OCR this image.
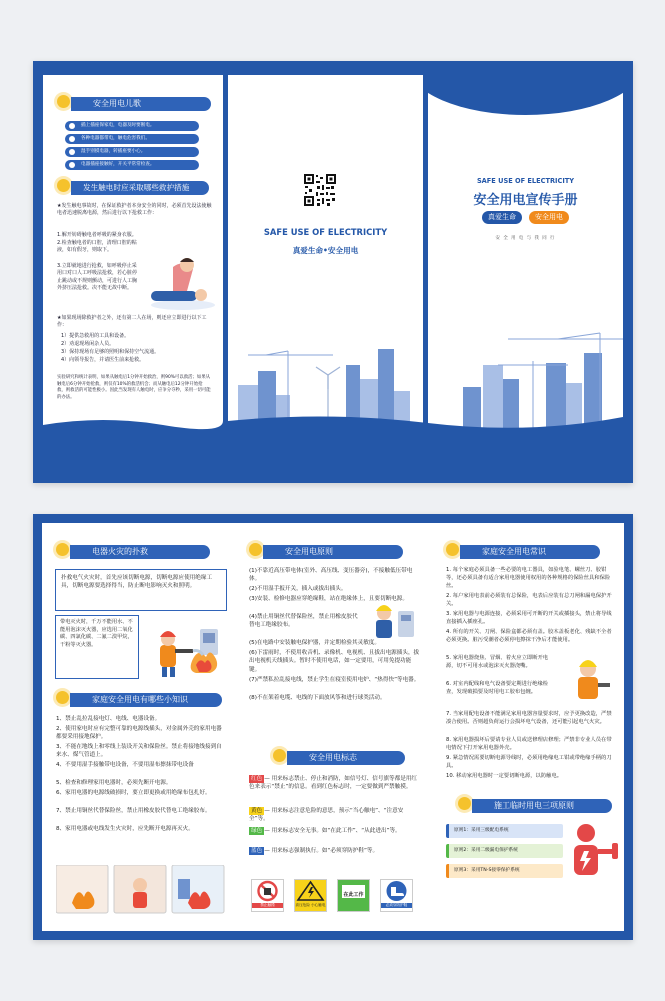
安全用电儿歌
插上插座保家电，电器及时要断电。
各种电器都带电，触电危害我们。
湿手别摸电器，转插座要小心。
电器插座接触好，开关平常常检查。
发生触电时应采取哪些救护措施
★发生触电事故时，在保证救护者本身安全的同时，必须首先设法使触电者迅速脱离电源，然后进行以下抢救工作：
1.解开妨碍触电者呼吸的紧身衣服。
2.检查触电者的口腔，清理口腔的粘液，如有假牙，则取下。
3.立即就地进行抢救，如呼吸停止采用口对口人工呼吸法抢救，若心脏停止跳动或不规则颤动，可进行人工胸外挤压法抢救。决不能无故中断。
★如果现场除救护者之外，还有第二人在场，则还应立即进行以下工作：
1）提供急救用的工具和设备。
2）劝退现场闲杂人员。
3）保持现场有足够的照明和保持空气流通。
4）向领导报告，并请医生前来抢救。
实验研究和统计表明，如果从触电后1分钟开始救治，则90%可以救活；如果从触电后6分钟开始抢救，则仅有10%的救活机会；而从触电后12分钟开始抢救，则救活的可能性极小。因此当发现有人触电时，应争分夺秒，采用一切可能的办法。
SAFE USE OF ELECTRICITY
真爱生命•安全用电
SAFE USE OF ELECTRICITY
安全用电宣传手册
真爱生命	安全用电
安 全 用 电 与 我 同 行
电器火灾的扑救
扑救电气火灾时，首先应该切断电源，切断电源应使用绝缘工具，切断电源要选择得当，防止断电影响灭火和照明。
带电灭火时，千万不能用水、不能用泡沫灭火器，应选用二氧化碳、四氯化碳、二氟二溴甲烷，干粉等灭火器。
家庭安全用电有哪些小知识
1、禁止乱拉乱接电灯、电线、电器设备。
2、使用家电时应有完整可靠的电源线插头，对金属外壳的家用电器都要采用接地保护。
3、不能在地线上和零线上装设开关和保险丝。禁止将接地线接到自来水、煤气管道上。
4、不要用湿手接触带电设备，不要用湿布擦抹带电设备
5、检查和修理家用电器时，必须先断开电源。
6、家用电器的电源线破损时，要立即更换或用绝缘布包扎好。
7、禁止用铜丝代替保险丝，禁止用橡皮胶代替电工绝缘胶布。
8、家用电器或电线发生火灾时，应先断开电源再灭火。
安全用电原则
(1)不靠近高压带电体(室外、高压线、变压器旁)，不接触低压带电体。
(2)不用湿手扳开关，插入或拔出插头。
(3)安装、检修电器应穿绝缘鞋，站在绝缘体上，且要切断电源。
(4)禁止用铜丝代替保险丝，禁止用橡皮胶代替电工绝缘胶布。
(5)在电路中安装触电保护器，并定期检验其灵敏度。
(6)下雷雨时，不使用收音机、录像机、电视机、且拔出电源插头，拔出电视机天线插头。暂时不使用电话，如一定要用，可用免提功能键。
(7)严禁私拉乱接电线，禁止学生在寝室使用电炉、“热得快”等电器。
(8)不在架着电缆、电线的下面放风筝和进行球类活动。
安全用电标志
红色 — 用来标志禁止、停止和消防，如信号灯、信号旗等都是用红色来表示“禁止”的信息。看到红色标志时，一定要做到严禁触摸。
黄色 — 用来标志注意危险的意思，预示“当心触电”、“注意安全”等。
绿色 — 用来标志安全无事。如“在此工作”、“从此进出”等。
蓝色 — 用来标志强制执行。如“必须穿防护鞋”等。
禁止触摸	高压危险 小心触电
在此工作
必须穿防护鞋
家庭安全用电常识
1. 每个家庭必须具备一些必要的电工器具，如验电笔、螺丝刀、胶钳等，还必须具备有适合家用电器使用权用的各种规格的保险丝具和保险丝。
2. 每户家用电表前必须装有总保险，电表后应装有总刀闸和漏电保护开关。
3. 家用电器与电源连接，必须采用可开断的开关或插接头，禁止将导线直接插入插座孔。
4. 所有的开关、刀闸、保险盒都必须有盖。胶木盖板老化、残缺不全者必须更换。脏污受潮者必须停电擦抹干净后才能使用。
5. 家用电器烧焦、冒烟、着火应立即断开电源，切不可用水或泡沫灭火器浇嘴。
6. 对室内配线和电气设备要定期进行绝缘检查，发现破损要及时用电工胶布包缠。
7. 当家用配电设备不能满足家用电器容量要求时，应予更换改造，严禁凑合使用。否则超负荷运行会损坏电气设备，还可能引起电气火灾。
8. 家用电器损坏后要请专业人员或送修理店修理；严禁非专业人员在带电情况下打开家用电器外壳。
9. 紧急情况需要切断电源导线时，必须用绝缘电工钳或带绝缘手柄的刀具。
10. 移动家用电器时一定要切断电源，以防触电。
施工临时用电三项原则
原则1：采用三级配电系统
原则2：采用二级漏电保护系统
原则3：采用TN-S接零保护系统
